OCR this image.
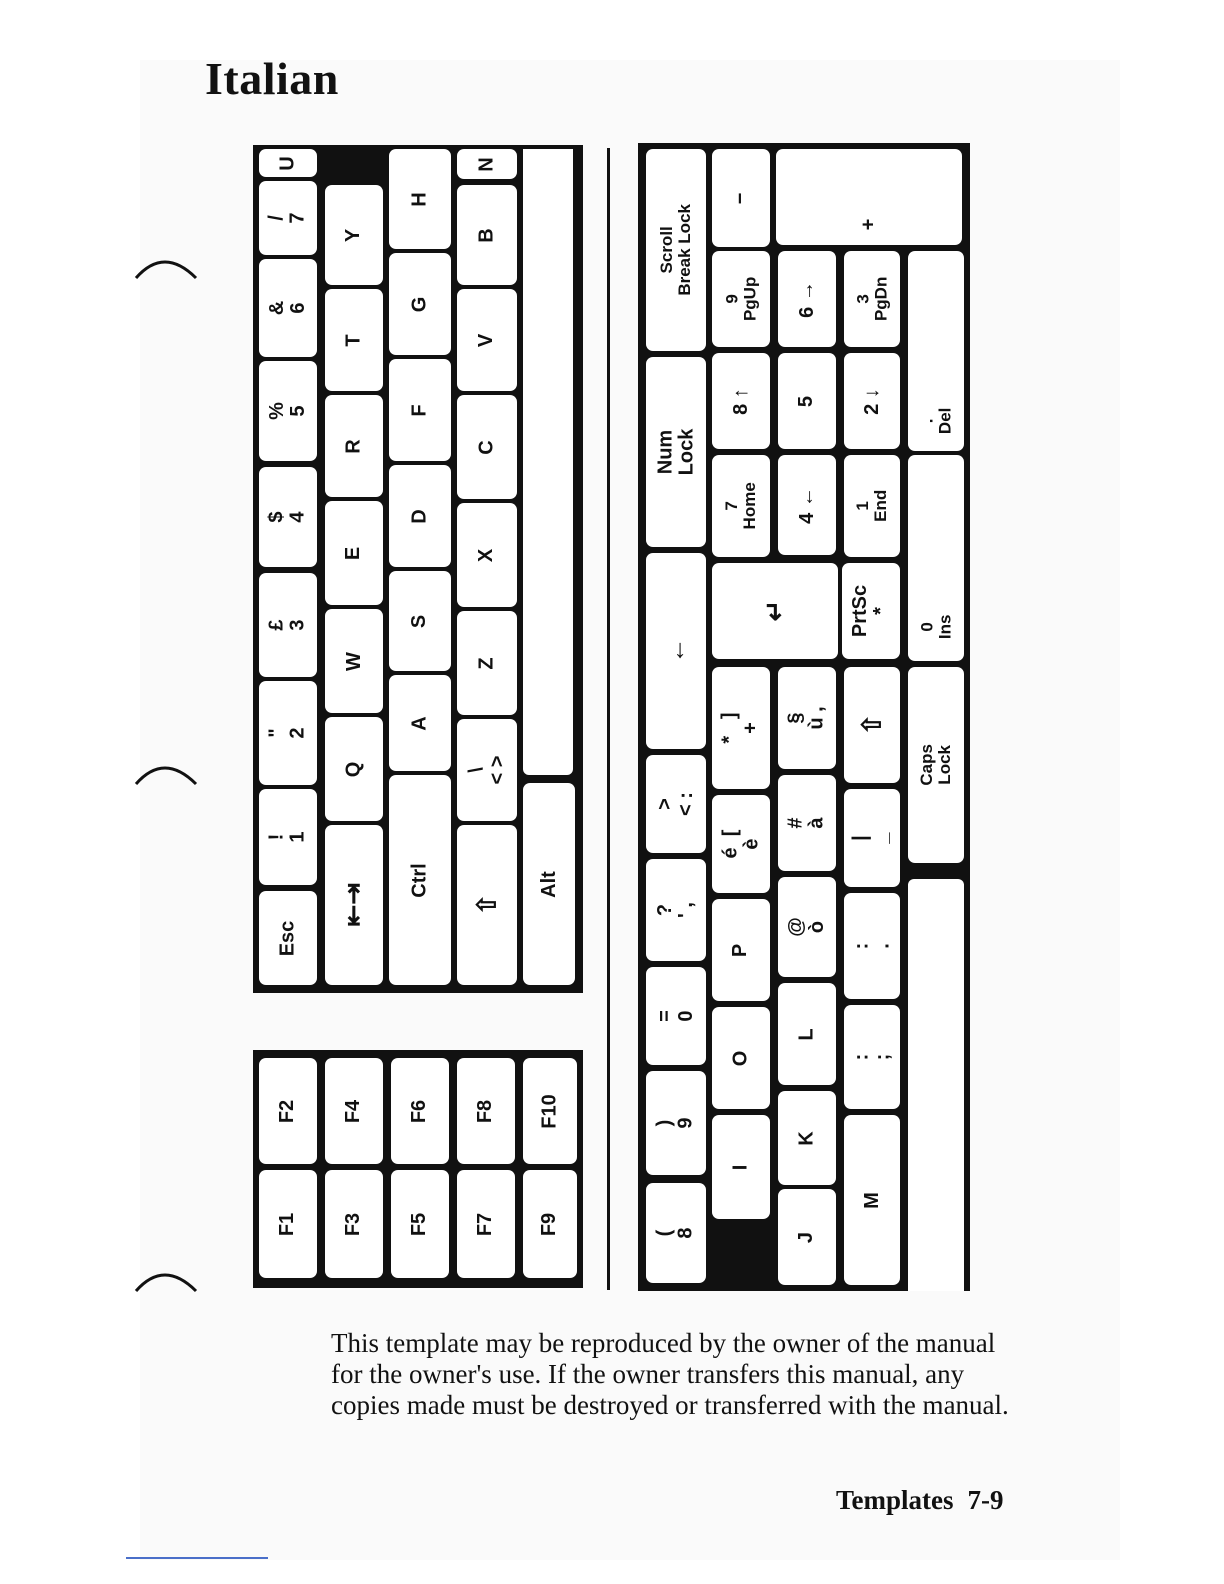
Italian
U
/
7
&
6
%
5
$
4
£
3
"
2
!
1
Esc
Y
T
R
E
W
Q
⇤⇥
H
G
F
D
S
A
Ctrl
N
B
V
C
X
Z
\
< >
⇧
Alt
F2
F1
F4
F3
F6
F5
F8
F7
F10
F9
Scroll
Break Lock
Num
Lock
←
>
< :
?
' ,
=
0
)
9
(
8
−
9
PgUp
8 ↑
7
Home
↵
*   ]
+
é  [
è
P
O
I
J
6 →
5
4 ←
PrtSc
*
§
ù ,
#
à
@
ò
L
K
+
3
PgDn
2 ↓
1
End
⇧
|
_
:
.
:
;
M
.
Del
0
Ins
Caps
Lock

This template may be reproduced by the owner of the manual for the owner's use. If the owner transfers this manual, any copies made must be destroyed or transferred with the manual.

Templates 7-9
